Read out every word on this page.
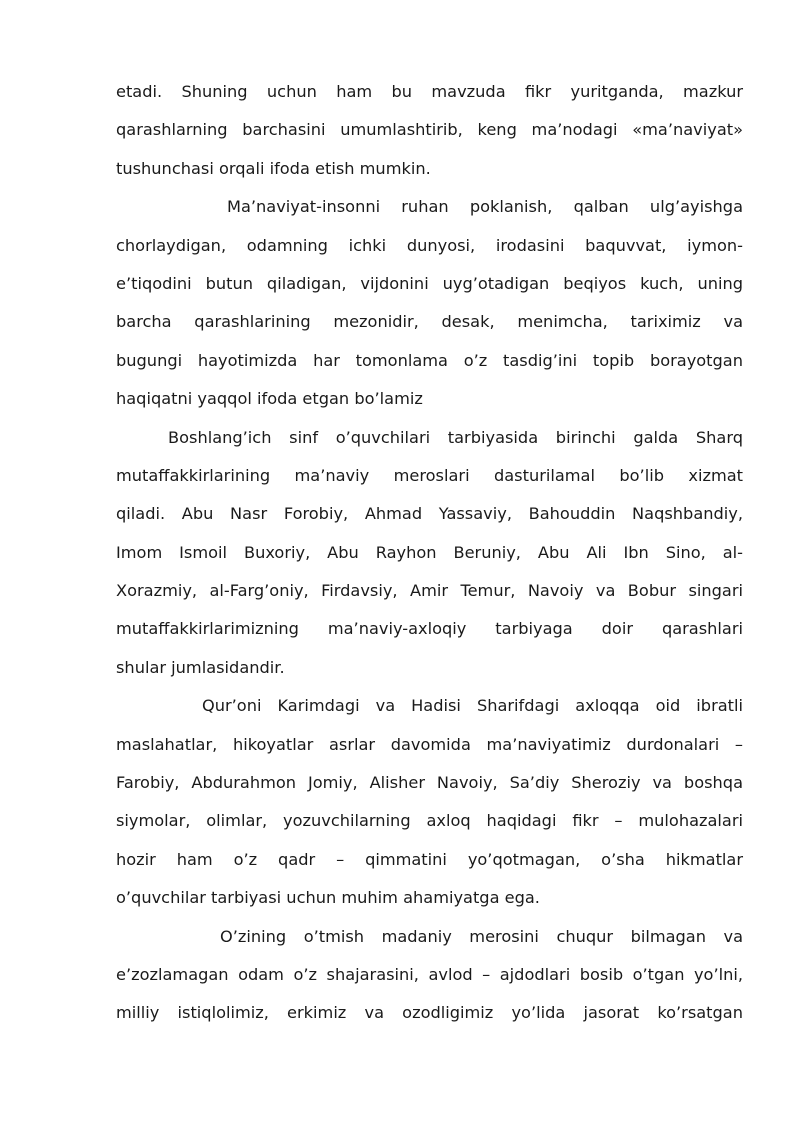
etadi. Shuning uchun ham bu mavzuda fikr yuritganda, mazkur
qarashlarning barchasini umumlashtirib, keng ma’nodagi «ma’naviyat»
tushunchasi orqali ifoda etish mumkin.
Ma’naviyat-insonni ruhan poklanish, qalban ulg’ayishga
chorlaydigan, odamning ichki dunyosi, irodasini baquvvat, iymon-
e’tiqodini butun qiladigan, vijdonini uyg’otadigan beqiyos kuch, uning
barcha qarashlarining mezonidir, desak, menimcha, tariximiz va
bugungi hayotimizda har tomonlama o’z tasdig’ini topib borayotgan
haqiqatni yaqqol ifoda etgan bo’lamiz
Boshlang’ich sinf o’quvchilari tarbiyasida birinchi galda Sharq
mutaffakkirlarining ma’naviy meroslari dasturilamal bo’lib xizmat
qiladi. Abu Nasr Forobiy, Ahmad Yassaviy, Bahouddin Naqshbandiy,
Imom Ismoil Buxoriy, Abu Rayhon Beruniy, Abu Ali Ibn Sino, al-
Xorazmiy, al-Farg’oniy, Firdavsiy, Amir Temur, Navoiy va Bobur singari
mutaffakkirlarimizning ma’naviy-axloqiy tarbiyaga doir qarashlari
shular jumlasidandir.
Qur’oni Karimdagi va Hadisi Sharifdagi axloqqa oid ibratli
maslahatlar, hikoyatlar asrlar davomida ma’naviyatimiz durdonalari –
Farobiy, Abdurahmon Jomiy, Alisher Navoiy, Sa’diy Sheroziy va boshqa
siymolar, olimlar, yozuvchilarning axloq haqidagi fikr – mulohazalari
hozir ham o’z qadr – qimmatini yo’qotmagan, o’sha hikmatlar
o’quvchilar tarbiyasi uchun muhim ahamiyatga ega.
O’zining o’tmish madaniy merosini chuqur bilmagan va
e’zozlamagan odam o’z shajarasini, avlod – ajdodlari bosib o’tgan yo’lni,
milliy istiqlolimiz, erkimiz va ozodligimiz yo’lida jasorat ko’rsatgan
